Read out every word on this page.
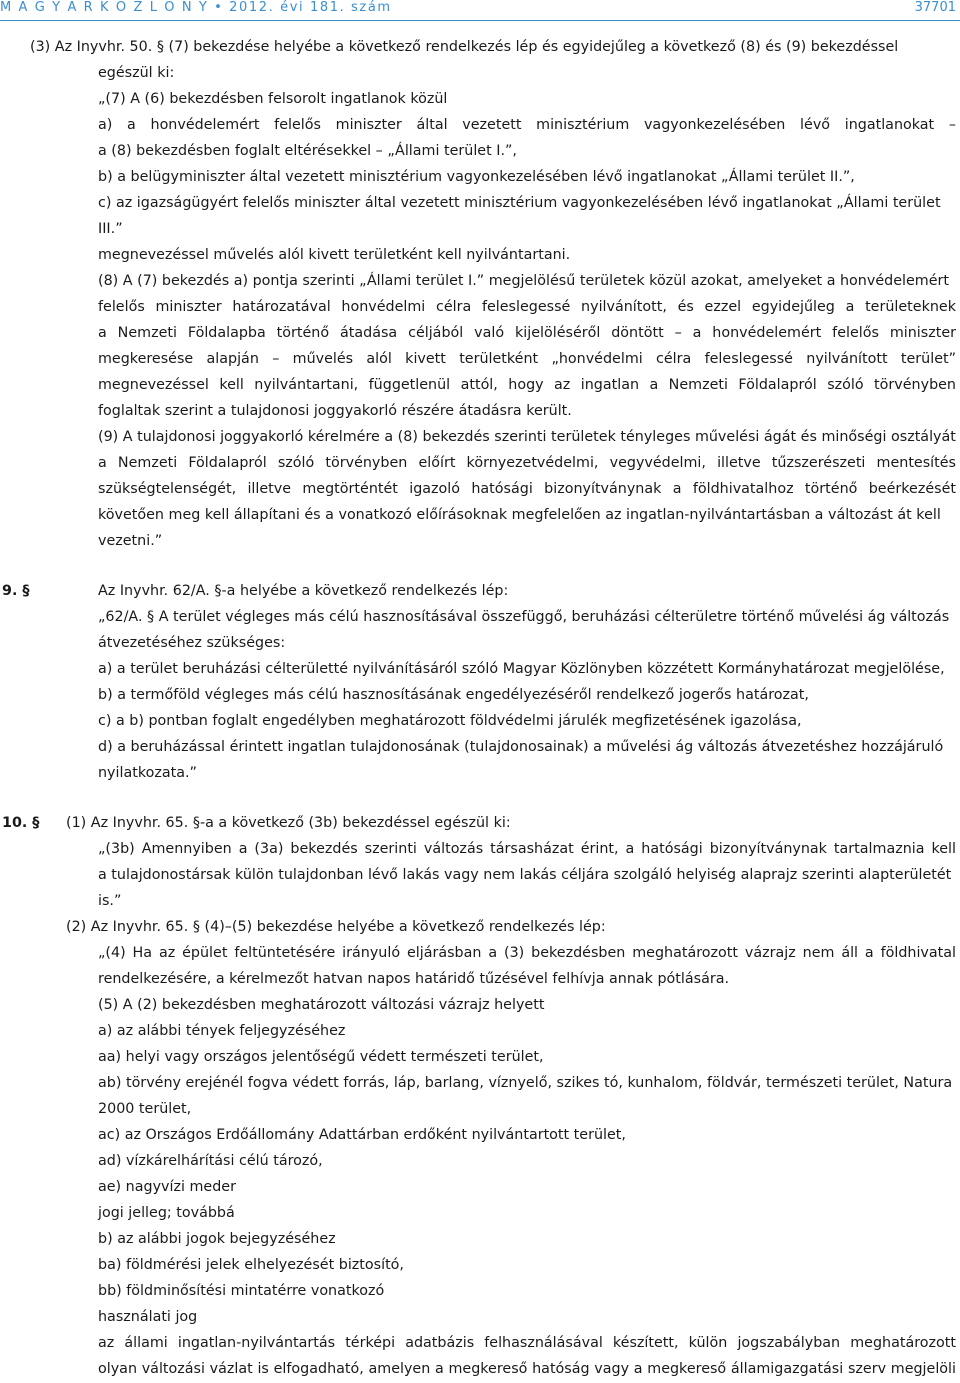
M A G Y A R K Ö Z L Ö N Y • 2012. évi 181. szám	37701
(3) Az Inyvhr. 50. § (7) bekezdése helyébe a következő rendelkezés lép és egyidejűleg a következő (8) és (9) bekezdéssel
egészül ki:
„(7) A (6) bekezdésben felsorolt ingatlanok közül
a) a honvédelemért felelős miniszter által vezetett minisztérium vagyonkezelésében lévő ingatlanokat –
a (8) bekezdésben foglalt eltérésekkel – „Állami terület I.”,
b) a belügyminiszter által vezetett minisztérium vagyonkezelésében lévő ingatlanokat „Állami terület II.”,
c) az igazságügyért felelős miniszter által vezetett minisztérium vagyonkezelésében lévő ingatlanokat „Állami terület
III.”
megnevezéssel művelés alól kivett területként kell nyilvántartani.
(8) A (7) bekezdés a) pontja szerinti „Állami terület I.” megjelölésű területek közül azokat, amelyeket a honvédelemért
felelős miniszter határozatával honvédelmi célra feleslegessé nyilvánított, és ezzel egyidejűleg a területeknek
a Nemzeti Földalapba történő átadása céljából való kijelöléséről döntött – a honvédelemért felelős miniszter
megkeresése alapján – művelés alól kivett területként „honvédelmi célra feleslegessé nyilvánított terület”
megnevezéssel kell nyilvántartani, függetlenül attól, hogy az ingatlan a Nemzeti Földalapról szóló törvényben
foglaltak szerint a tulajdonosi joggyakorló részére átadásra került.
(9) A tulajdonosi joggyakorló kérelmére a (8) bekezdés szerinti területek tényleges művelési ágát és minőségi osztályát
a Nemzeti Földalapról szóló törvényben előírt környezetvédelmi, vegyvédelmi, illetve tűzszerészeti mentesítés
szükségtelenségét, illetve megtörténtét igazoló hatósági bizonyítványnak a földhivatalhoz történő beérkezését
követően meg kell állapítani és a vonatkozó előírásoknak megfelelően az ingatlan-nyilvántartásban a változást át kell
vezetni.”
9. §	Az Inyvhr. 62/A. §-a helyébe a következő rendelkezés lép:
„62/A. § A terület végleges más célú hasznosításával összefüggő, beruházási célterületre történő művelési ág változás
átvezetéséhez szükséges:
a) a terület beruházási célterületté nyilvánításáról szóló Magyar Közlönyben közzétett Kormányhatározat megjelölése,
b) a termőföld végleges más célú hasznosításának engedélyezéséről rendelkező jogerős határozat,
c) a b) pontban foglalt engedélyben meghatározott földvédelmi járulék megfizetésének igazolása,
d) a beruházással érintett ingatlan tulajdonosának (tulajdonosainak) a művelési ág változás átvezetéshez hozzájáruló
nyilatkozata.”
10. § (1) Az Inyvhr. 65. §-a a következő (3b) bekezdéssel egészül ki:
„(3b) Amennyiben a (3a) bekezdés szerinti változás társasházat érint, a hatósági bizonyítványnak tartalmaznia kell
a tulajdonostársak külön tulajdonban lévő lakás vagy nem lakás céljára szolgáló helyiség alaprajz szerinti alapterületét
is.”
(2) Az Inyvhr. 65. § (4)–(5) bekezdése helyébe a következő rendelkezés lép:
„(4) Ha az épület feltüntetésére irányuló eljárásban a (3) bekezdésben meghatározott vázrajz nem áll a földhivatal
rendelkezésére, a kérelmezőt hatvan napos határidő tűzésével felhívja annak pótlására.
(5) A (2) bekezdésben meghatározott változási vázrajz helyett
a) az alábbi tények feljegyzéséhez
aa) helyi vagy országos jelentőségű védett természeti terület,
ab) törvény erejénél fogva védett forrás, láp, barlang, víznyelő, szikes tó, kunhalom, földvár, természeti terület, Natura
2000 terület,
ac) az Országos Erdőállomány Adattárban erdőként nyilvántartott terület,
ad) vízkárelhárítási célú tározó,
ae) nagyvízi meder
jogi jelleg; továbbá
b) az alábbi jogok bejegyzéséhez
ba) földmérési jelek elhelyezését biztosító,
bb) földminősítési mintatérre vonatkozó
használati jog
az állami ingatlan-nyilvántartás térképi adatbázis felhasználásával készített, külön jogszabályban meghatározott
olyan változási vázlat is elfogadható, amelyen a megkereső hatóság vagy a megkereső államigazgatási szerv megjelöli
